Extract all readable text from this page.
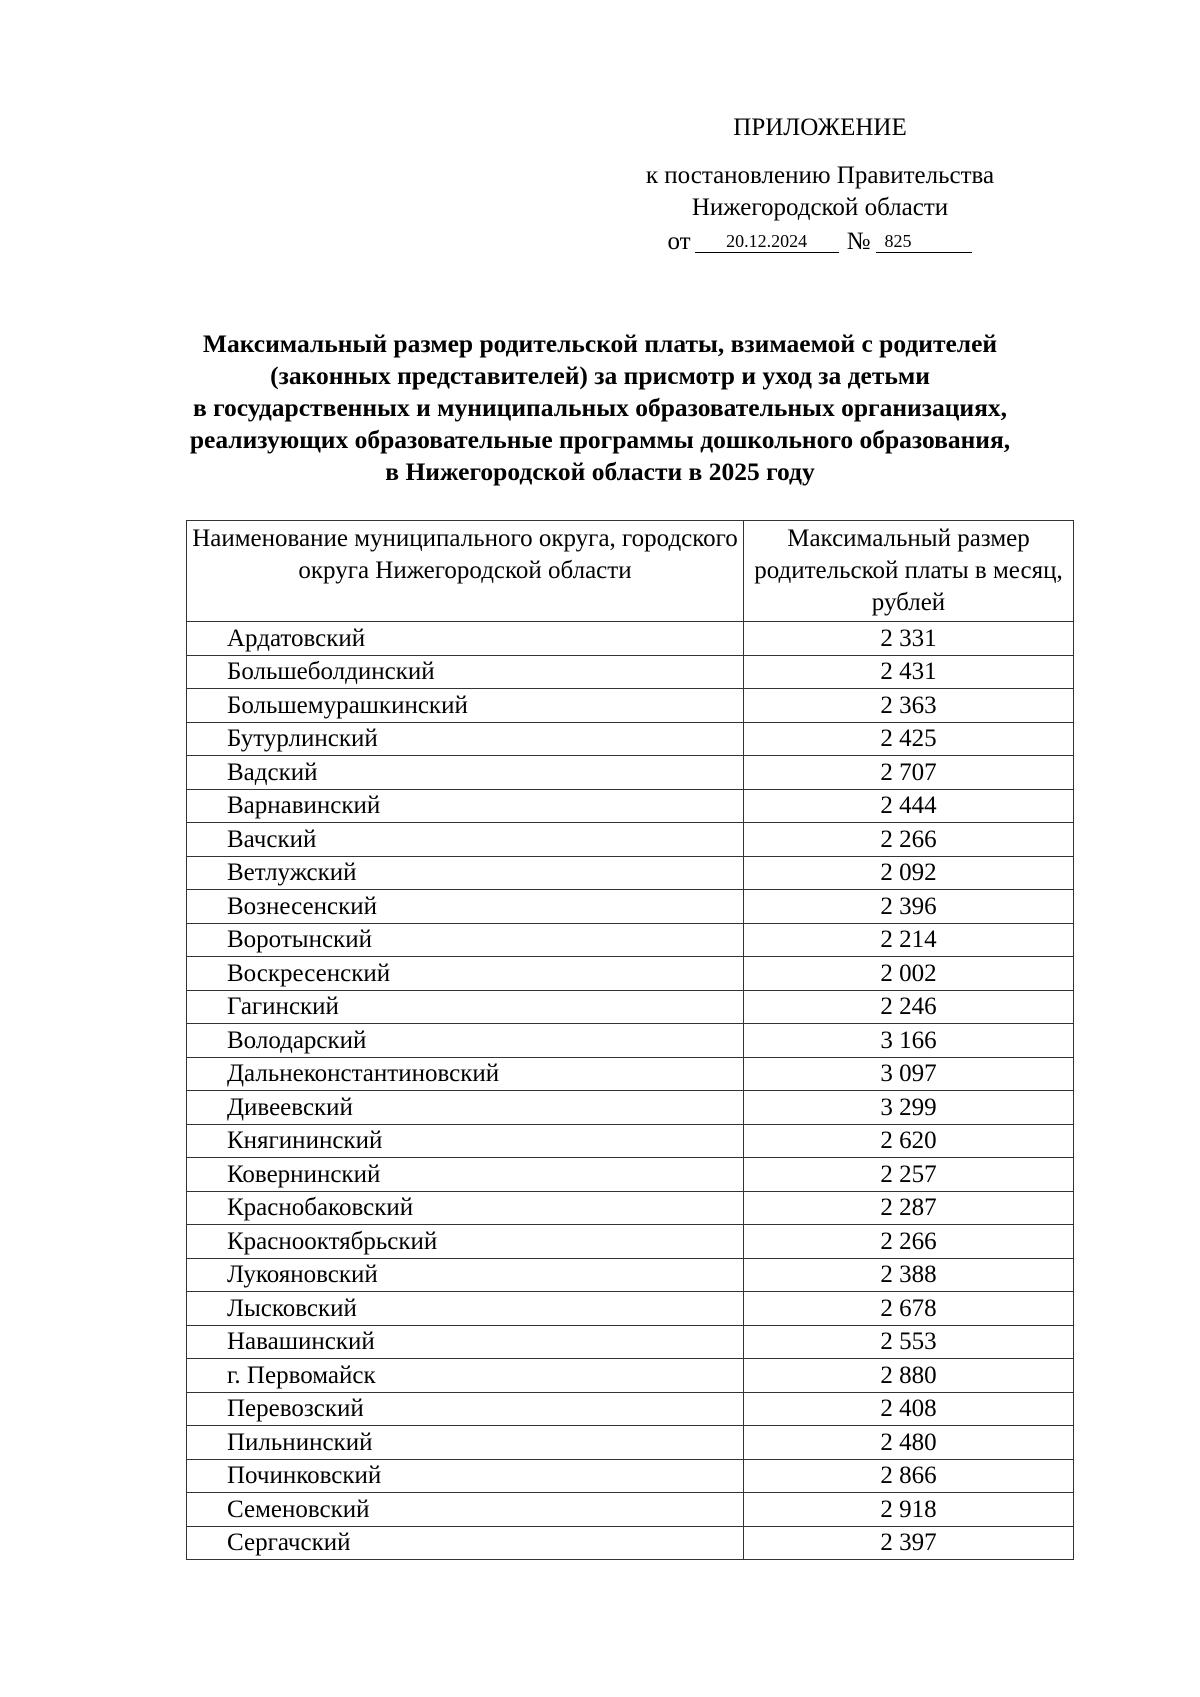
ПРИЛОЖЕНИЕ
к постановлению Правительства
Нижегородской области
от	20.12.2024	№ 825
Максимальный размер родительской платы, взимаемой с родителей
(законных представителей) за присмотр и уход за детьми
в государственных и муниципальных образовательных организациях,
реализующих образовательные программы дошкольного образования,
в Нижегородской области в 2025 году
Наименование муниципального округа, городского округа Нижегородской области	Максимальный размер родительской платы в месяц, рублей
Ардатовский	2 331
Большеболдинский	2 431
Большемурашкинский	2 363
Бутурлинский	2 425
Вадский	2 707
Варнавинский	2 444
Вачский	2 266
Ветлужский	2 092
Вознесенский	2 396
Воротынский	2 214
Воскресенский	2 002
Гагинский	2 246
Володарский	3 166
Дальнеконстантиновский	3 097
Дивеевский	3 299
Княгининский	2 620
Ковернинский	2 257
Краснобаковский	2 287
Краснооктябрьский	2 266
Лукояновский	2 388
Лысковский	2 678
Навашинский	2 553
г. Первомайск	2 880
Перевозский	2 408
Пильнинский	2 480
Починковский	2 866
Семеновский	2 918
Сергачский	2 397
